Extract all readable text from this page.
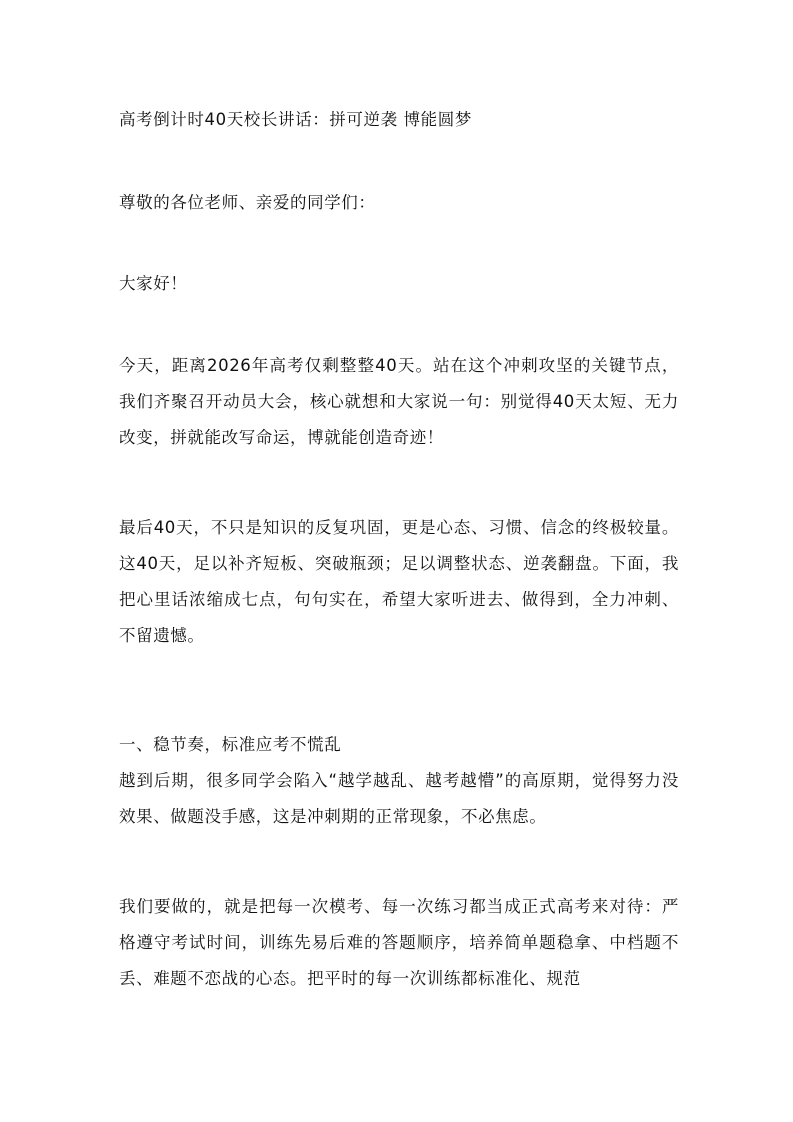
高考倒计时40天校长讲话：拼可逆袭 博能圆梦

尊敬的各位老师、亲爱的同学们：

大家好！

今天，距离2026年高考仅剩整整40天。站在这个冲刺攻坚的关键节点，我们齐聚召开动员大会，核心就想和大家说一句：别觉得40天太短、无力改变，拼就能改写命运，博就能创造奇迹！

最后40天，不只是知识的反复巩固，更是心态、习惯、信念的终极较量。这40天，足以补齐短板、突破瓶颈；足以调整状态、逆袭翻盘。下面，我把心里话浓缩成七点，句句实在，希望大家听进去、做得到，全力冲刺、不留遗憾。

一、稳节奏，标准应考不慌乱

越到后期，很多同学会陷入“越学越乱、越考越懵”的高原期，觉得努力没效果、做题没手感，这是冲刺期的正常现象，不必焦虑。

我们要做的，就是把每一次模考、每一次练习都当成正式高考来对待：严格遵守考试时间，训练先易后难的答题顺序，培养简单题稳拿、中档题不丢、难题不恋战的心态。把平时的每一次训练都标准化、规范
